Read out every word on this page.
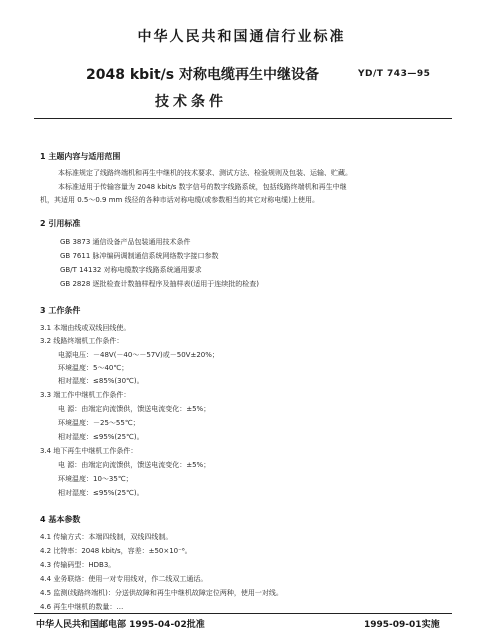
中华人民共和国通信行业标准
2048 kbit/s 对称电缆再生中继设备	YD/T 743—95
技术条件
1 主题内容与适用范围
本标准规定了线路终端机和再生中继机的技术要求、测试方法、检验规则及包装、运输、贮藏。
本标准适用于传输容量为 2048 kbit/s 数字信号的数字线路系统，包括线路终端机和再生中继
机，其适用 0.5～0.9 mm 线径的各种市话对称电缆(或参数相当的其它对称电缆)上使用。
2 引用标准
GB 3873 通信设备产品包装通用技术条件
GB 7611 脉冲编码调制通信系统网络数字接口参数
GB/T 14132 对称电缆数字线路系统通用要求
GB 2828 逐批检查计数抽样程序及抽样表(适用于连续批的检查)
3 工作条件
3.1 本端由线或双线回线使。
3.2 线路终端机工作条件：
电源电压：－48V(－40～－57V)或－50V±20%；
环境温度：5～40℃；
相对湿度：≤85%(30℃)。
3.3 端工作中继机工作条件：
电 源：由端定向流馈供，馈送电流变化：±5%；
环境温度：－25～55℃；
相对湿度：≤95%(25℃)。
3.4 地下再生中继机工作条件：
电 源：由端定向流馈供，馈送电流变化：±5%；
环境温度：10～35℃；
相对湿度：≤95%(25℃)。
4 基本参数
4.1 传输方式：本端四线制，双线四线制。
4.2 比特率：2048 kbit/s，容差：±50×10⁻⁶。
4.3 传输码型：HDB3。
4.4 业务联络：使用一对专用线对，作二线双工通话。
4.5 监测(线路终端机)：分送供故障和再生中继机故障定位两种，使用一对线。
4.6 再生中继机的数量：…
中华人民共和国邮电部 1995-04-02批准	1995-09-01实施
